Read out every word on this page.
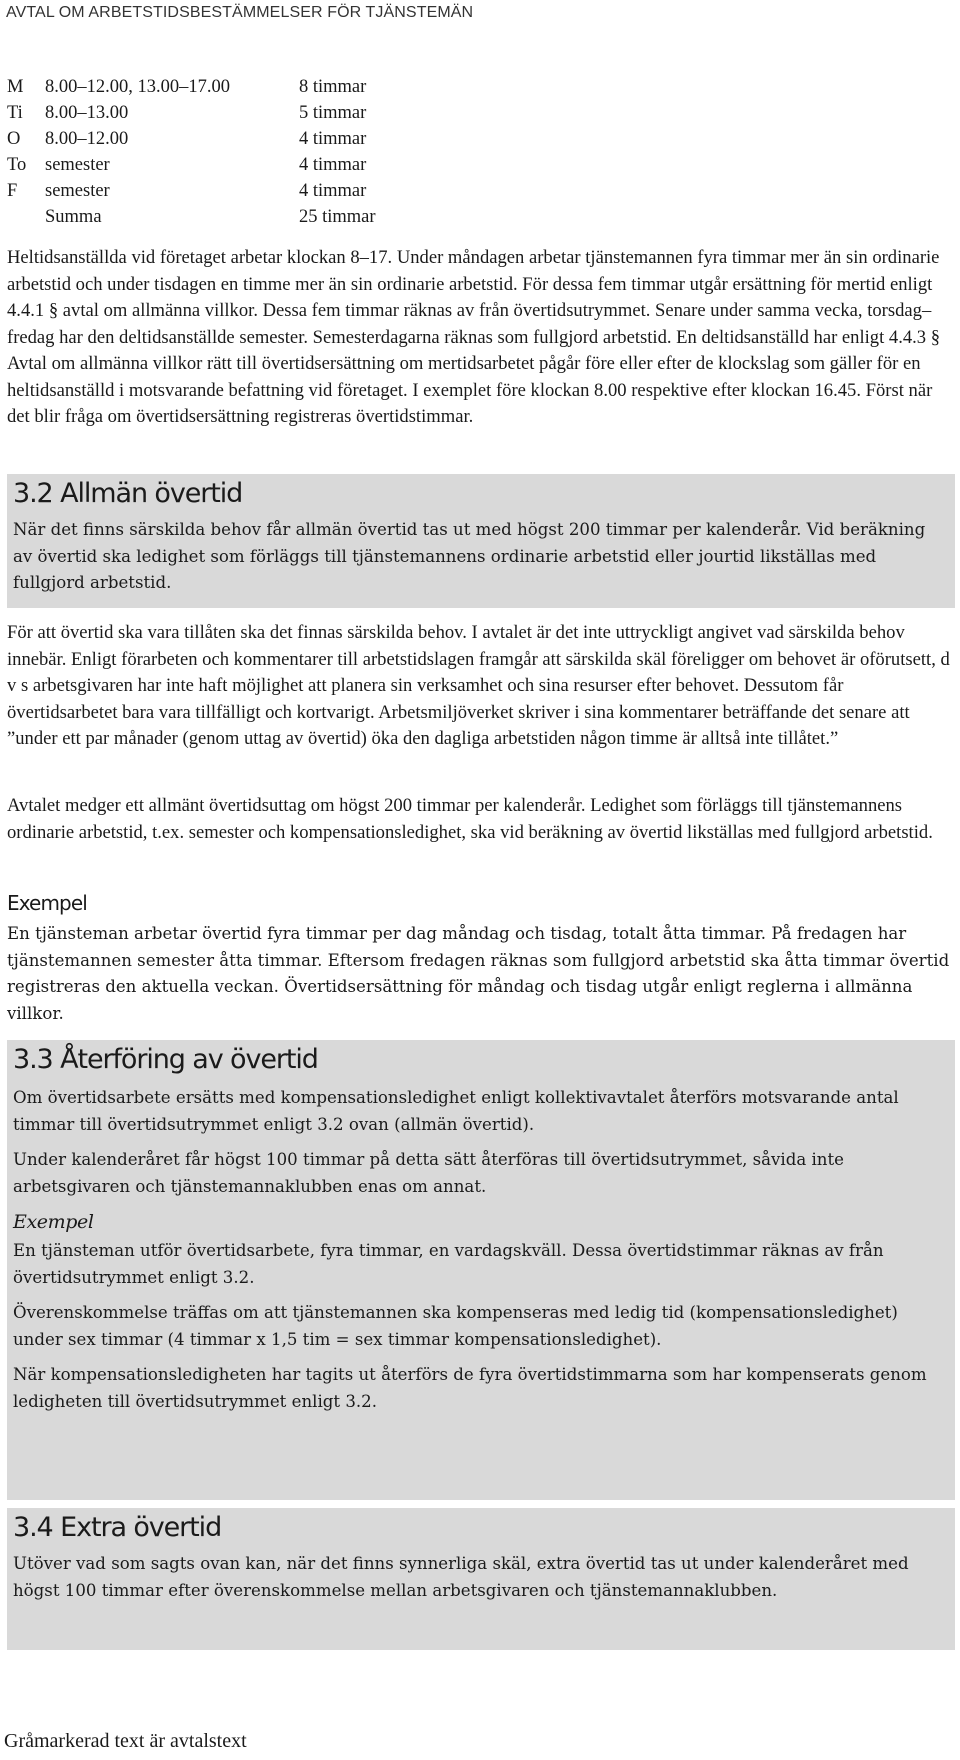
AVTAL OM ARBETSTIDSBESTÄMMELSER FÖR TJÄNSTEMÄN
M 8.00–12.00, 13.00–17.00	8 timmar
Ti 8.00–13.00	5 timmar
O 8.00–12.00	4 timmar
To semester	4 timmar
F semester	4 timmar
Summa	25 timmar
Heltidsanställda vid företaget arbetar klockan 8–17. Under måndagen arbetar tjänstemannen fyra timmar mer än sin ordinarie arbetstid och under tisdagen en timme mer än sin ordinarie arbetstid. För dessa fem timmar utgår ersättning för mertid enligt 4.4.1 § avtal om allmänna villkor. Dessa fem timmar räknas av från övertidsutrymmet. Senare under samma vecka, torsdag–fredag har den deltidsanställde semester. Semesterdagarna räknas som fullgjord arbetstid. En deltidsanställd har enligt 4.4.3 § Avtal om allmänna villkor rätt till övertidsersättning om mertidsarbetet pågår före eller efter de klockslag som gäller för en heltidsanställd i motsvarande befattning vid företaget. I exemplet före klockan 8.00 respektive efter klockan 16.45. Först när det blir fråga om övertidsersättning registreras övertidstimmar.
3.2 Allmän övertid
När det finns särskilda behov får allmän övertid tas ut med högst 200 timmar per kalenderår. Vid beräkning av övertid ska ledighet som förläggs till tjänstemannens ordinarie arbetstid eller jourtid likställas med fullgjord arbetstid.
För att övertid ska vara tillåten ska det finnas särskilda behov. I avtalet är det inte uttryckligt angivet vad särskilda behov innebär. Enligt förarbeten och kommentarer till arbetstidslagen framgår att särskilda skäl föreligger om behovet är oförutsett, d v s arbetsgivaren har inte haft möjlighet att planera sin verksamhet och sina resurser efter behovet. Dessutom får övertidsarbetet bara vara tillfälligt och kortvarigt. Arbetsmiljöverket skriver i sina kommentarer beträffande det senare att ”under ett par månader (genom uttag av övertid) öka den dagliga arbetstiden någon timme är alltså inte tillåtet.”
Avtalet medger ett allmänt övertidsuttag om högst 200 timmar per kalenderår. Ledighet som förläggs till tjänstemannens ordinarie arbetstid, t.ex. semester och kompensationsledighet, ska vid beräkning av övertid likställas med fullgjord arbetstid.
Exempel
En tjänsteman arbetar övertid fyra timmar per dag måndag och tisdag, totalt åtta timmar. På fredagen har tjänstemannen semester åtta timmar. Eftersom fredagen räknas som fullgjord arbetstid ska åtta timmar övertid registreras den aktuella veckan. Övertidsersättning för måndag och tisdag utgår enligt reglerna i allmänna villkor.
3.3 Återföring av övertid
Om övertidsarbete ersätts med kompensationsledighet enligt kollektivavtalet återförs motsvarande antal timmar till övertidsutrymmet enligt 3.2 ovan (allmän övertid).
Under kalenderåret får högst 100 timmar på detta sätt återföras till övertidsutrymmet, såvida inte arbetsgivaren och tjänstemannaklubben enas om annat.
Exempel
En tjänsteman utför övertidsarbete, fyra timmar, en vardagskväll. Dessa övertidstimmar räknas av från övertidsutrymmet enligt 3.2.
Överenskommelse träffas om att tjänstemannen ska kompenseras med ledig tid (kompensationsledighet) under sex timmar (4 timmar x 1,5 tim = sex timmar kompensationsledighet).
När kompensationsledigheten har tagits ut återförs de fyra övertidstimmarna som har kompenserats genom ledigheten till övertidsutrymmet enligt 3.2.
3.4 Extra övertid
Utöver vad som sagts ovan kan, när det finns synnerliga skäl, extra övertid tas ut under kalenderåret med högst 100 timmar efter överenskommelse mellan arbetsgivaren och tjänstemannaklubben.
Gråmarkerad text är avtalstext
